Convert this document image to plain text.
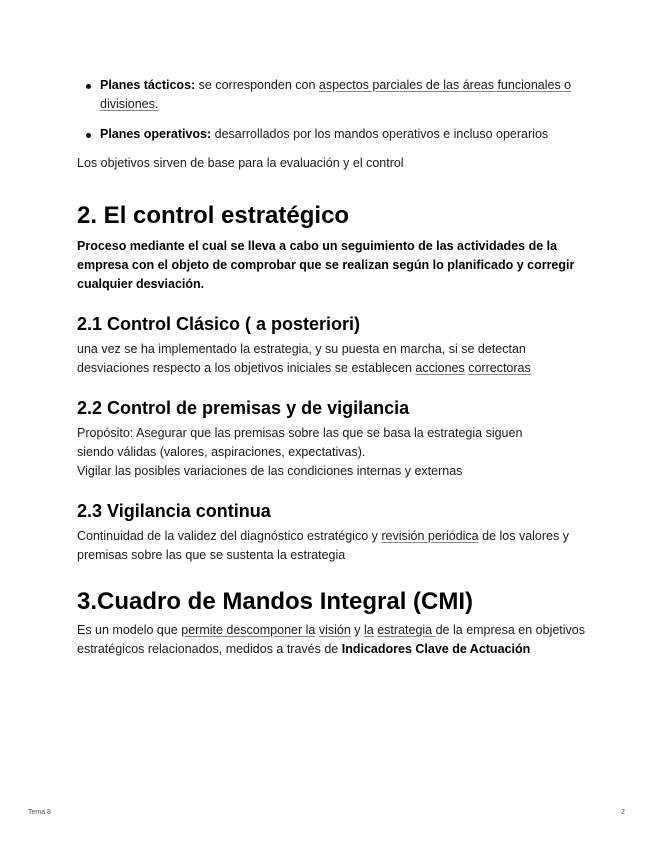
Planes tácticos: se corresponden con aspectos parciales de las áreas funcionales o divisiones.
Planes operativos: desarrollados por los mandos operativos e incluso operarios

Los objetivos sirven de base para la evaluación y el control

2. El control estratégico

Proceso mediante el cual se lleva a cabo un seguimiento de las actividades de la empresa con el objeto de comprobar que se realizan según lo planificado y corregir cualquier desviación.

2.1 Control Clásico ( a posteriori)

una vez se ha implementado la estrategia, y su puesta en marcha, si se detectan desviaciones respecto a los objetivos iniciales se establecen acciones correctoras

2.2 Control de premisas y de vigilancia

Propósito: Asegurar que las premisas sobre las que se basa la estrategia siguen

siendo válidas (valores, aspiraciones, expectativas).

Vigilar las posibles variaciones de las condiciones internas y externas

2.3 Vigilancia continua

Continuidad de la validez del diagnóstico estratégico y revisión periódica de los valores y premisas sobre las que se sustenta la estrategia

3.Cuadro de Mandos Integral (CMI)

Es un modelo que permite descomponer la visión y la estrategia de la empresa en objetivos estratégicos relacionados, medidos a través de Indicadores Clave de Actuación

Tema 8	2
